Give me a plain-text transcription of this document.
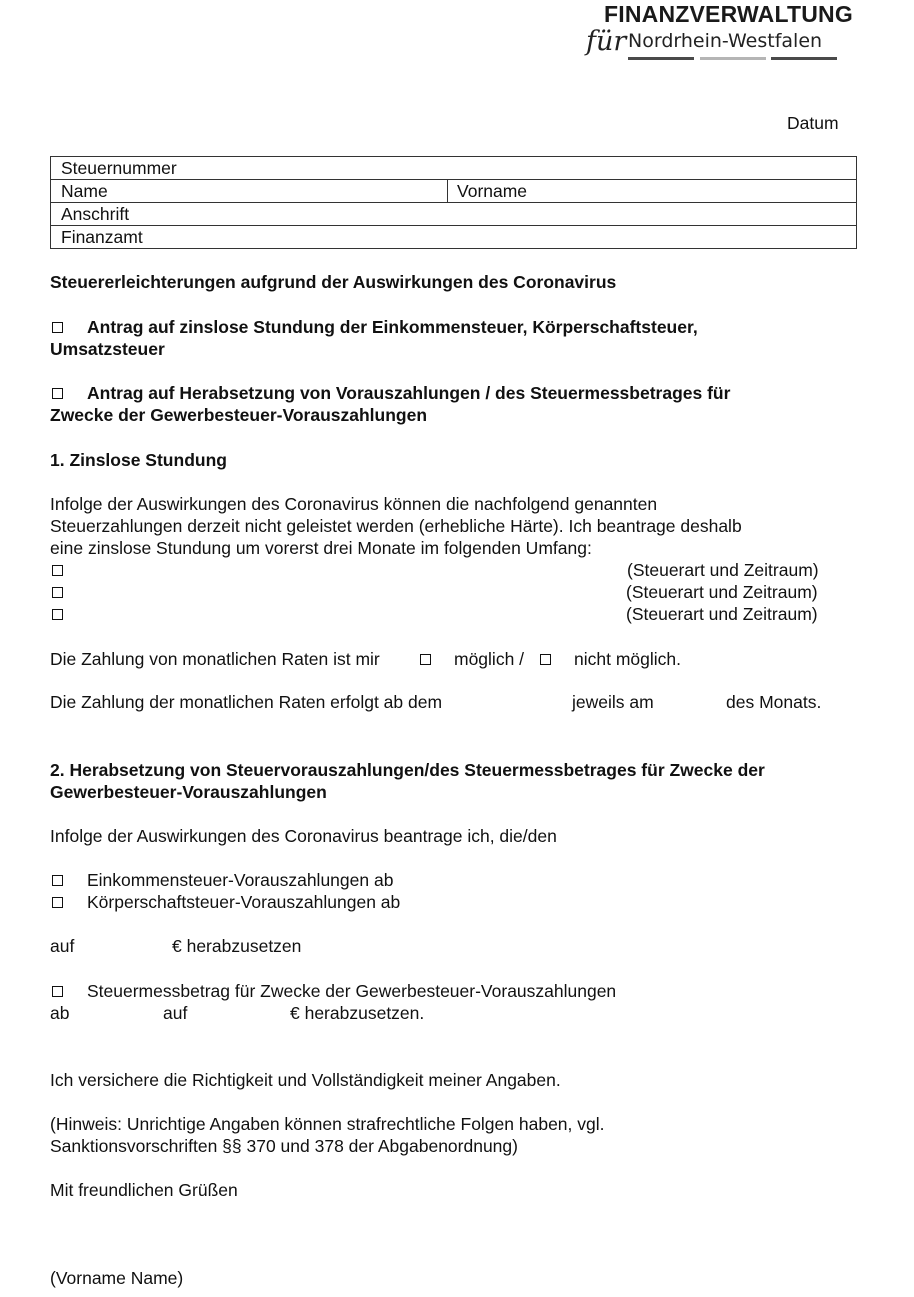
FINANZVERWALTUNG
für Nordrhein-Westfalen
Datum
Steuernummer
Name	Vorname
Anschrift
Finanzamt
Steuererleichterungen aufgrund der Auswirkungen des Coronavirus
Antrag auf zinslose Stundung der Einkommensteuer, Körperschaftsteuer,
Umsatzsteuer
Antrag auf Herabsetzung von Vorauszahlungen / des Steuermessbetrages für
Zwecke der Gewerbesteuer-Vorauszahlungen
1. Zinslose Stundung
Infolge der Auswirkungen des Coronavirus können die nachfolgend genannten
Steuerzahlungen derzeit nicht geleistet werden (erhebliche Härte). Ich beantrage deshalb
eine zinslose Stundung um vorerst drei Monate im folgenden Umfang:
(Steuerart und Zeitraum)
(Steuerart und Zeitraum)
(Steuerart und Zeitraum)
Die Zahlung von monatlichen Raten ist mir	möglich /	nicht möglich.
Die Zahlung der monatlichen Raten erfolgt ab dem	jeweils am	des Monats.
2. Herabsetzung von Steuervorauszahlungen/des Steuermessbetrages für Zwecke der
Gewerbesteuer-Vorauszahlungen
Infolge der Auswirkungen des Coronavirus beantrage ich, die/den
Einkommensteuer-Vorauszahlungen ab
Körperschaftsteuer-Vorauszahlungen ab
auf	€ herabzusetzen
Steuermessbetrag für Zwecke der Gewerbesteuer-Vorauszahlungen
ab	auf	€ herabzusetzen.
Ich versichere die Richtigkeit und Vollständigkeit meiner Angaben.
(Hinweis: Unrichtige Angaben können strafrechtliche Folgen haben, vgl.
Sanktionsvorschriften §§ 370 und 378 der Abgabenordnung)
Mit freundlichen Grüßen
(Vorname Name)
